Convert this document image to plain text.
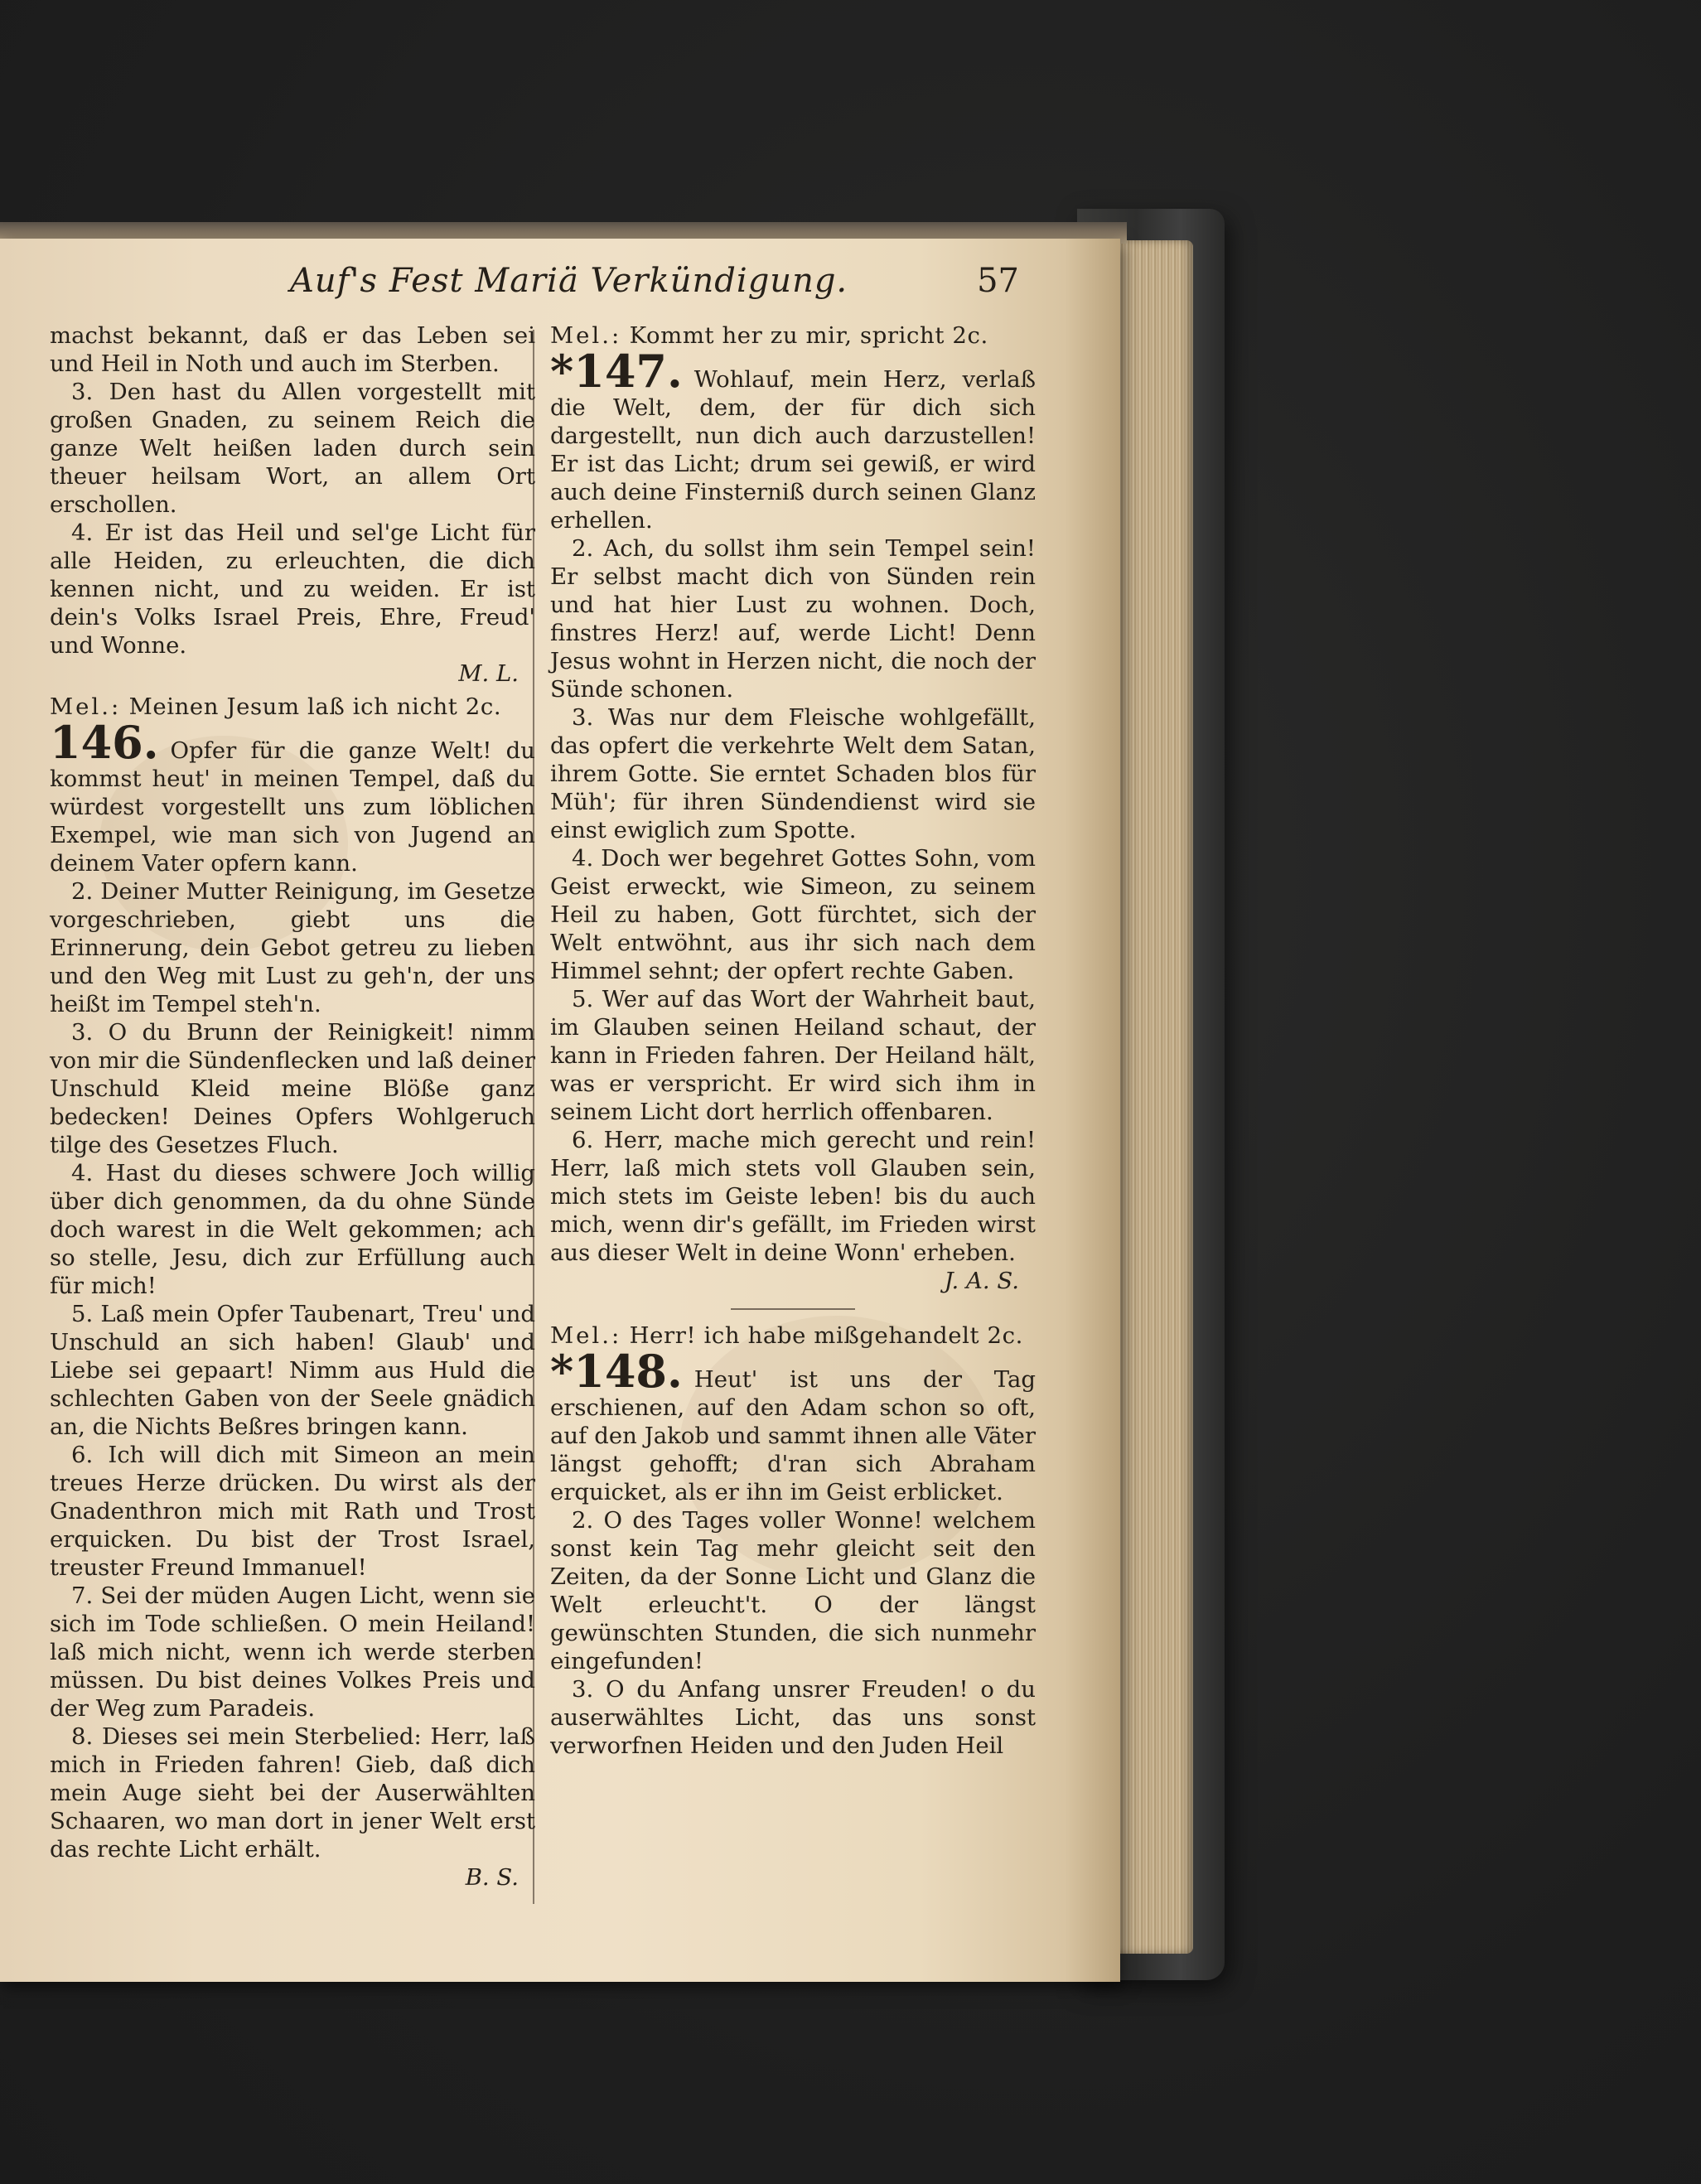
Auf's Fest Mariä Verkündigung.	57

machst bekannt, daß er das Leben sei und Heil in Noth und auch im Sterben.

3. Den hast du Allen vorgestellt mit großen Gnaden, zu seinem Reich die ganze Welt heißen laden durch sein theuer heilsam Wort, an allem Ort erschollen.

4. Er ist das Heil und sel'ge Licht für alle Heiden, zu erleuchten, die dich kennen nicht, und zu weiden. Er ist dein's Volks Israel Preis, Ehre, Freud' und Wonne.

M. L.

Mel.: Meinen Jesum laß ich nicht 2c.

146. Opfer für die ganze Welt! du kommst heut' in meinen Tempel, daß du würdest vorgestellt uns zum löblichen Exempel, wie man sich von Jugend an deinem Vater opfern kann.

2. Deiner Mutter Reinigung, im Gesetze vorgeschrieben, giebt uns die Erinnerung, dein Gebot getreu zu lieben und den Weg mit Lust zu geh'n, der uns heißt im Tempel steh'n.

3. O du Brunn der Reinigkeit! nimm von mir die Sündenflecken und laß deiner Unschuld Kleid meine Blöße ganz bedecken! Deines Opfers Wohlgeruch tilge des Gesetzes Fluch.

4. Hast du dieses schwere Joch willig über dich genommen, da du ohne Sünde doch warest in die Welt gekommen; ach so stelle, Jesu, dich zur Erfüllung auch für mich!

5. Laß mein Opfer Taubenart, Treu' und Unschuld an sich haben! Glaub' und Liebe sei gepaart! Nimm aus Huld die schlechten Gaben von der Seele gnädich an, die Nichts Beßres bringen kann.

6. Ich will dich mit Simeon an mein treues Herze drücken. Du wirst als der Gnadenthron mich mit Rath und Trost erquicken. Du bist der Trost Israel, treuster Freund Immanuel!

7. Sei der müden Augen Licht, wenn sie sich im Tode schließen. O mein Heiland! laß mich nicht, wenn ich werde sterben müssen. Du bist deines Volkes Preis und der Weg zum Paradeis.

8. Dieses sei mein Sterbelied: Herr, laß mich in Frieden fahren! Gieb, daß dich mein Auge sieht bei der Auserwählten Schaaren, wo man dort in jener Welt erst das rechte Licht erhält.

B. S.

Mel.: Kommt her zu mir, spricht 2c.

*147. Wohlauf, mein Herz, verlaß die Welt, dem, der für dich sich dargestellt, nun dich auch darzustellen! Er ist das Licht; drum sei gewiß, er wird auch deine Finsterniß durch seinen Glanz erhellen.

2. Ach, du sollst ihm sein Tempel sein! Er selbst macht dich von Sünden rein und hat hier Lust zu wohnen. Doch, finstres Herz! auf, werde Licht! Denn Jesus wohnt in Herzen nicht, die noch der Sünde schonen.

3. Was nur dem Fleische wohlgefällt, das opfert die verkehrte Welt dem Satan, ihrem Gotte. Sie erntet Schaden blos für Müh'; für ihren Sündendienst wird sie einst ewiglich zum Spotte.

4. Doch wer begehret Gottes Sohn, vom Geist erweckt, wie Simeon, zu seinem Heil zu haben, Gott fürchtet, sich der Welt entwöhnt, aus ihr sich nach dem Himmel sehnt; der opfert rechte Gaben.

5. Wer auf das Wort der Wahrheit baut, im Glauben seinen Heiland schaut, der kann in Frieden fahren. Der Heiland hält, was er verspricht. Er wird sich ihm in seinem Licht dort herrlich offenbaren.

6. Herr, mache mich gerecht und rein! Herr, laß mich stets voll Glauben sein, mich stets im Geiste leben! bis du auch mich, wenn dir's gefällt, im Frieden wirst aus dieser Welt in deine Wonn' erheben.

J. A. S.

Mel.: Herr! ich habe mißgehandelt 2c.

*148. Heut' ist uns der Tag erschienen, auf den Adam schon so oft, auf den Jakob und sammt ihnen alle Väter längst gehofft; d'ran sich Abraham erquicket, als er ihn im Geist erblicket.

2. O des Tages voller Wonne! welchem sonst kein Tag mehr gleicht seit den Zeiten, da der Sonne Licht und Glanz die Welt erleucht't. O der längst gewünschten Stunden, die sich nunmehr eingefunden!

3. O du Anfang unsrer Freuden! o du auserwähltes Licht, das uns sonst verworfnen Heiden und den Juden Heil
